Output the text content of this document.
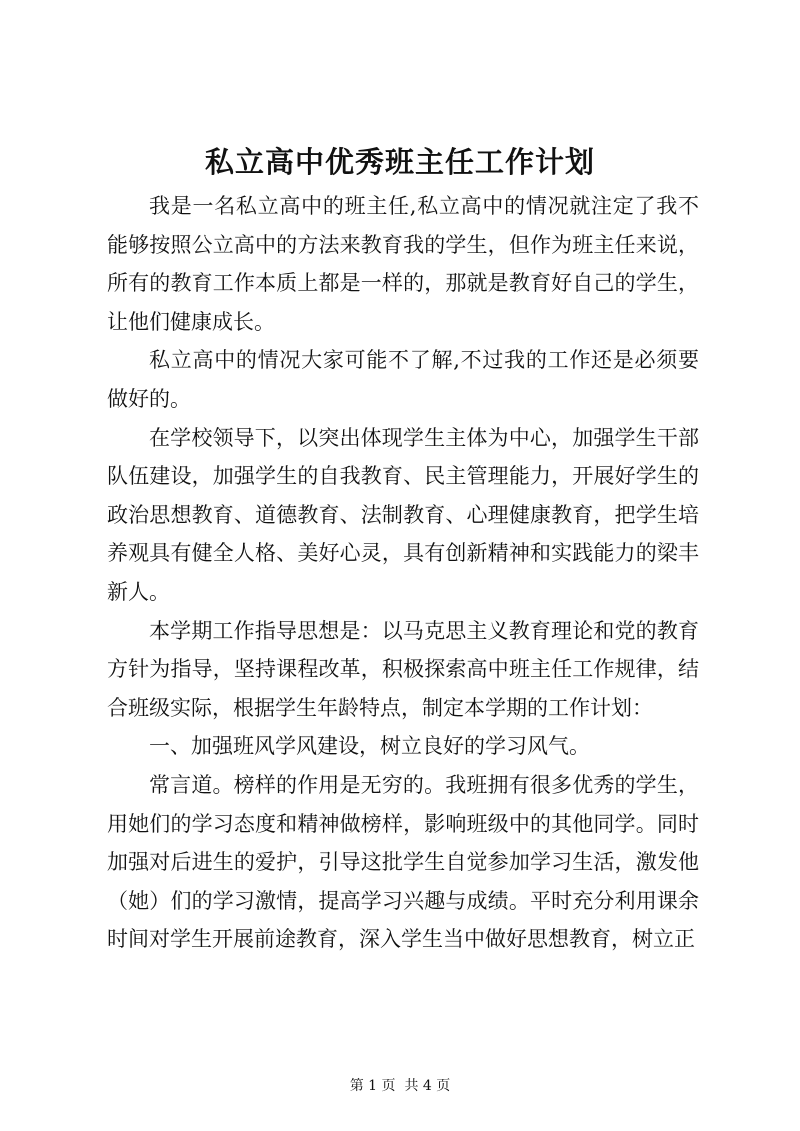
私立高中优秀班主任工作计划

我是一名私立高中的班主任,私立高中的情况就注定了我不能够按照公立高中的方法来教育我的学生，但作为班主任来说，所有的教育工作本质上都是一样的，那就是教育好自己的学生，让他们健康成长。

私立高中的情况大家可能不了解,不过我的工作还是必须要做好的。

在学校领导下，以突出体现学生主体为中心，加强学生干部队伍建设，加强学生的自我教育、民主管理能力，开展好学生的政治思想教育、道德教育、法制教育、心理健康教育，把学生培养观具有健全人格、美好心灵，具有创新精神和实践能力的梁丰新人。

本学期工作指导思想是：以马克思主义教育理论和党的教育方针为指导，坚持课程改革，积极探索高中班主任工作规律，结合班级实际，根据学生年龄特点，制定本学期的工作计划：

一、加强班风学风建设，树立良好的学习风气。

常言道。榜样的作用是无穷的。我班拥有很多优秀的学生，用她们的学习态度和精神做榜样，影响班级中的其他同学。同时加强对后进生的爱护，引导这批学生自觉参加学习生活，激发他（她）们的学习激情，提高学习兴趣与成绩。平时充分利用课余时间对学生开展前途教育，深入学生当中做好思想教育，树立正

第 1 页  共 4 页
